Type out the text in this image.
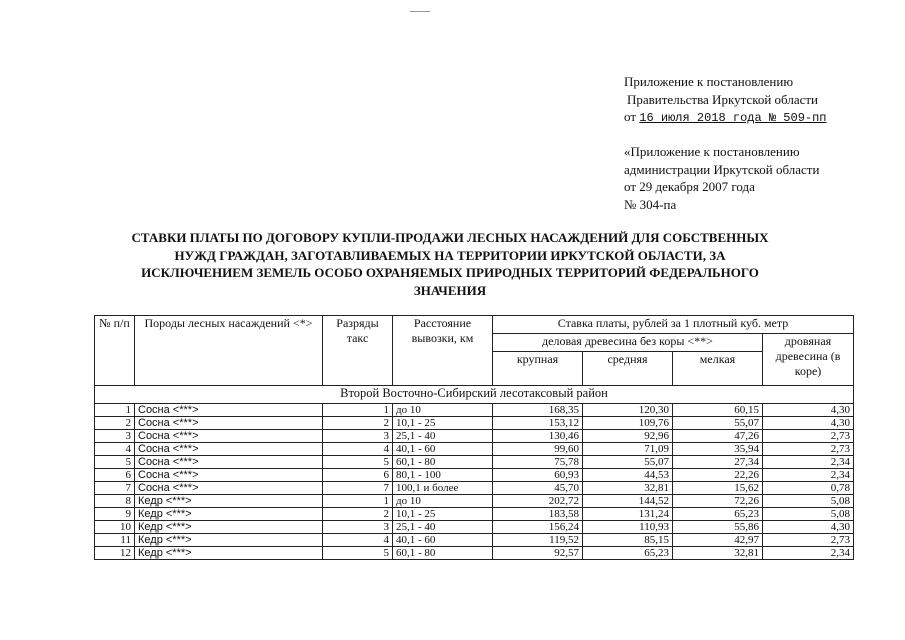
Приложение к постановлению
Правительства Иркутской области
от 16 июля 2018 года № 509-пп
«Приложение к постановлению
администрации Иркутской области
от 29 декабря 2007 года
№ 304-па
СТАВКИ ПЛАТЫ ПО ДОГОВОРУ КУПЛИ-ПРОДАЖИ ЛЕСНЫХ НАСАЖДЕНИЙ ДЛЯ СОБСТВЕННЫХ НУЖД ГРАЖДАН, ЗАГОТАВЛИВАЕМЫХ НА ТЕРРИТОРИИ ИРКУТСКОЙ ОБЛАСТИ, ЗА ИСКЛЮЧЕНИЕМ ЗЕМЕЛЬ ОСОБО ОХРАНЯЕМЫХ ПРИРОДНЫХ ТЕРРИТОРИЙ ФЕДЕРАЛЬНОГО ЗНАЧЕНИЯ
№ п/п	Породы лесных насаждений <*>	Разряды такс	Расстояние вывозки, км	Ставка платы, рублей за 1 плотный куб. метр			
				деловая древесина без коры <**>			дровяная древесина (в коре)
				крупная	средняя	мелкая	
Второй Восточно-Сибирский лесотаксовый район							
1	Сосна <***>	1	до 10	168,35	120,30	60,15	4,30
2	Сосна <***>	2	10,1 - 25	153,12	109,76	55,07	4,30
3	Сосна <***>	3	25,1 - 40	130,46	92,96	47,26	2,73
4	Сосна <***>	4	40,1 - 60	99,60	71,09	35,94	2,73
5	Сосна <***>	5	60,1 - 80	75,78	55,07	27,34	2,34
6	Сосна <***>	6	80,1 - 100	60,93	44,53	22,26	2,34
7	Сосна <***>	7	100,1 и более	45,70	32,81	15,62	0,78
8	Кедр <***>	1	до 10	202,72	144,52	72,26	5,08
9	Кедр <***>	2	10,1 - 25	183,58	131,24	65,23	5,08
10	Кедр <***>	3	25,1 - 40	156,24	110,93	55,86	4,30
11	Кедр <***>	4	40,1 - 60	119,52	85,15	42,97	2,73
12	Кедр <***>	5	60,1 - 80	92,57	65,23	32,81	2,34
